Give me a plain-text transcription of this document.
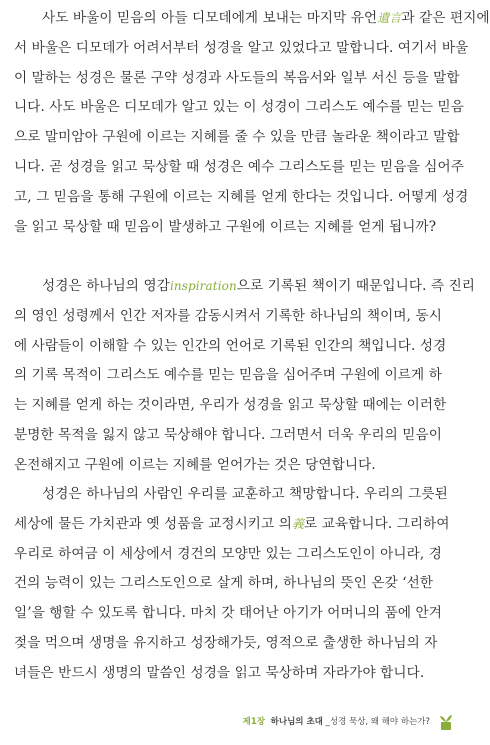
사도 바울이 믿음의 아들 디모데에게 보내는 마지막 유언遺言과 같은 편지에
서 바울은 디모데가 어려서부터 성경을 알고 있었다고 말합니다. 여기서 바울
이 말하는 성경은 물론 구약 성경과 사도들의 복음서와 일부 서신 등을 말합
니다. 사도 바울은 디모데가 알고 있는 이 성경이 그리스도 예수를 믿는 믿음
으로 말미암아 구원에 이르는 지혜를 줄 수 있을 만큼 놀라운 책이라고 말합
니다. 곧 성경을 읽고 묵상할 때 성경은 예수 그리스도를 믿는 믿음을 심어주
고, 그 믿음을 통해 구원에 이르는 지혜를 얻게 한다는 것입니다. 어떻게 성경
을 읽고 묵상할 때 믿음이 발생하고 구원에 이르는 지혜를 얻게 됩니까?
성경은 하나님의 영감inspiration으로 기록된 책이기 때문입니다. 즉 진리
의 영인 성령께서 인간 저자를 감동시켜서 기록한 하나님의 책이며, 동시
에 사람들이 이해할 수 있는 인간의 언어로 기록된 인간의 책입니다. 성경
의 기록 목적이 그리스도 예수를 믿는 믿음을 심어주며 구원에 이르게 하
는 지혜를 얻게 하는 것이라면, 우리가 성경을 읽고 묵상할 때에는 이러한
분명한 목적을 잃지 않고 묵상해야 합니다. 그러면서 더욱 우리의 믿음이
온전해지고 구원에 이르는 지혜를 얻어가는 것은 당연합니다.
성경은 하나님의 사람인 우리를 교훈하고 책망합니다. 우리의 그릇된
세상에 물든 가치관과 옛 성품을 교정시키고 의義로 교육합니다. 그리하여
우리로 하여금 이 세상에서 경건의 모양만 있는 그리스도인이 아니라, 경
건의 능력이 있는 그리스도인으로 살게 하며, 하나님의 뜻인 온갖 ‘선한
일’을 행할 수 있도록 합니다. 마치 갓 태어난 아기가 어머니의 품에 안겨
젖을 먹으며 생명을 유지하고 성장해가듯, 영적으로 출생한 하나님의 자
녀들은 반드시 생명의 말씀인 성경을 읽고 묵상하며 자라가야 합니다.
제1장 하나님의 초대 _성경 묵상, 왜 해야 하는가?
